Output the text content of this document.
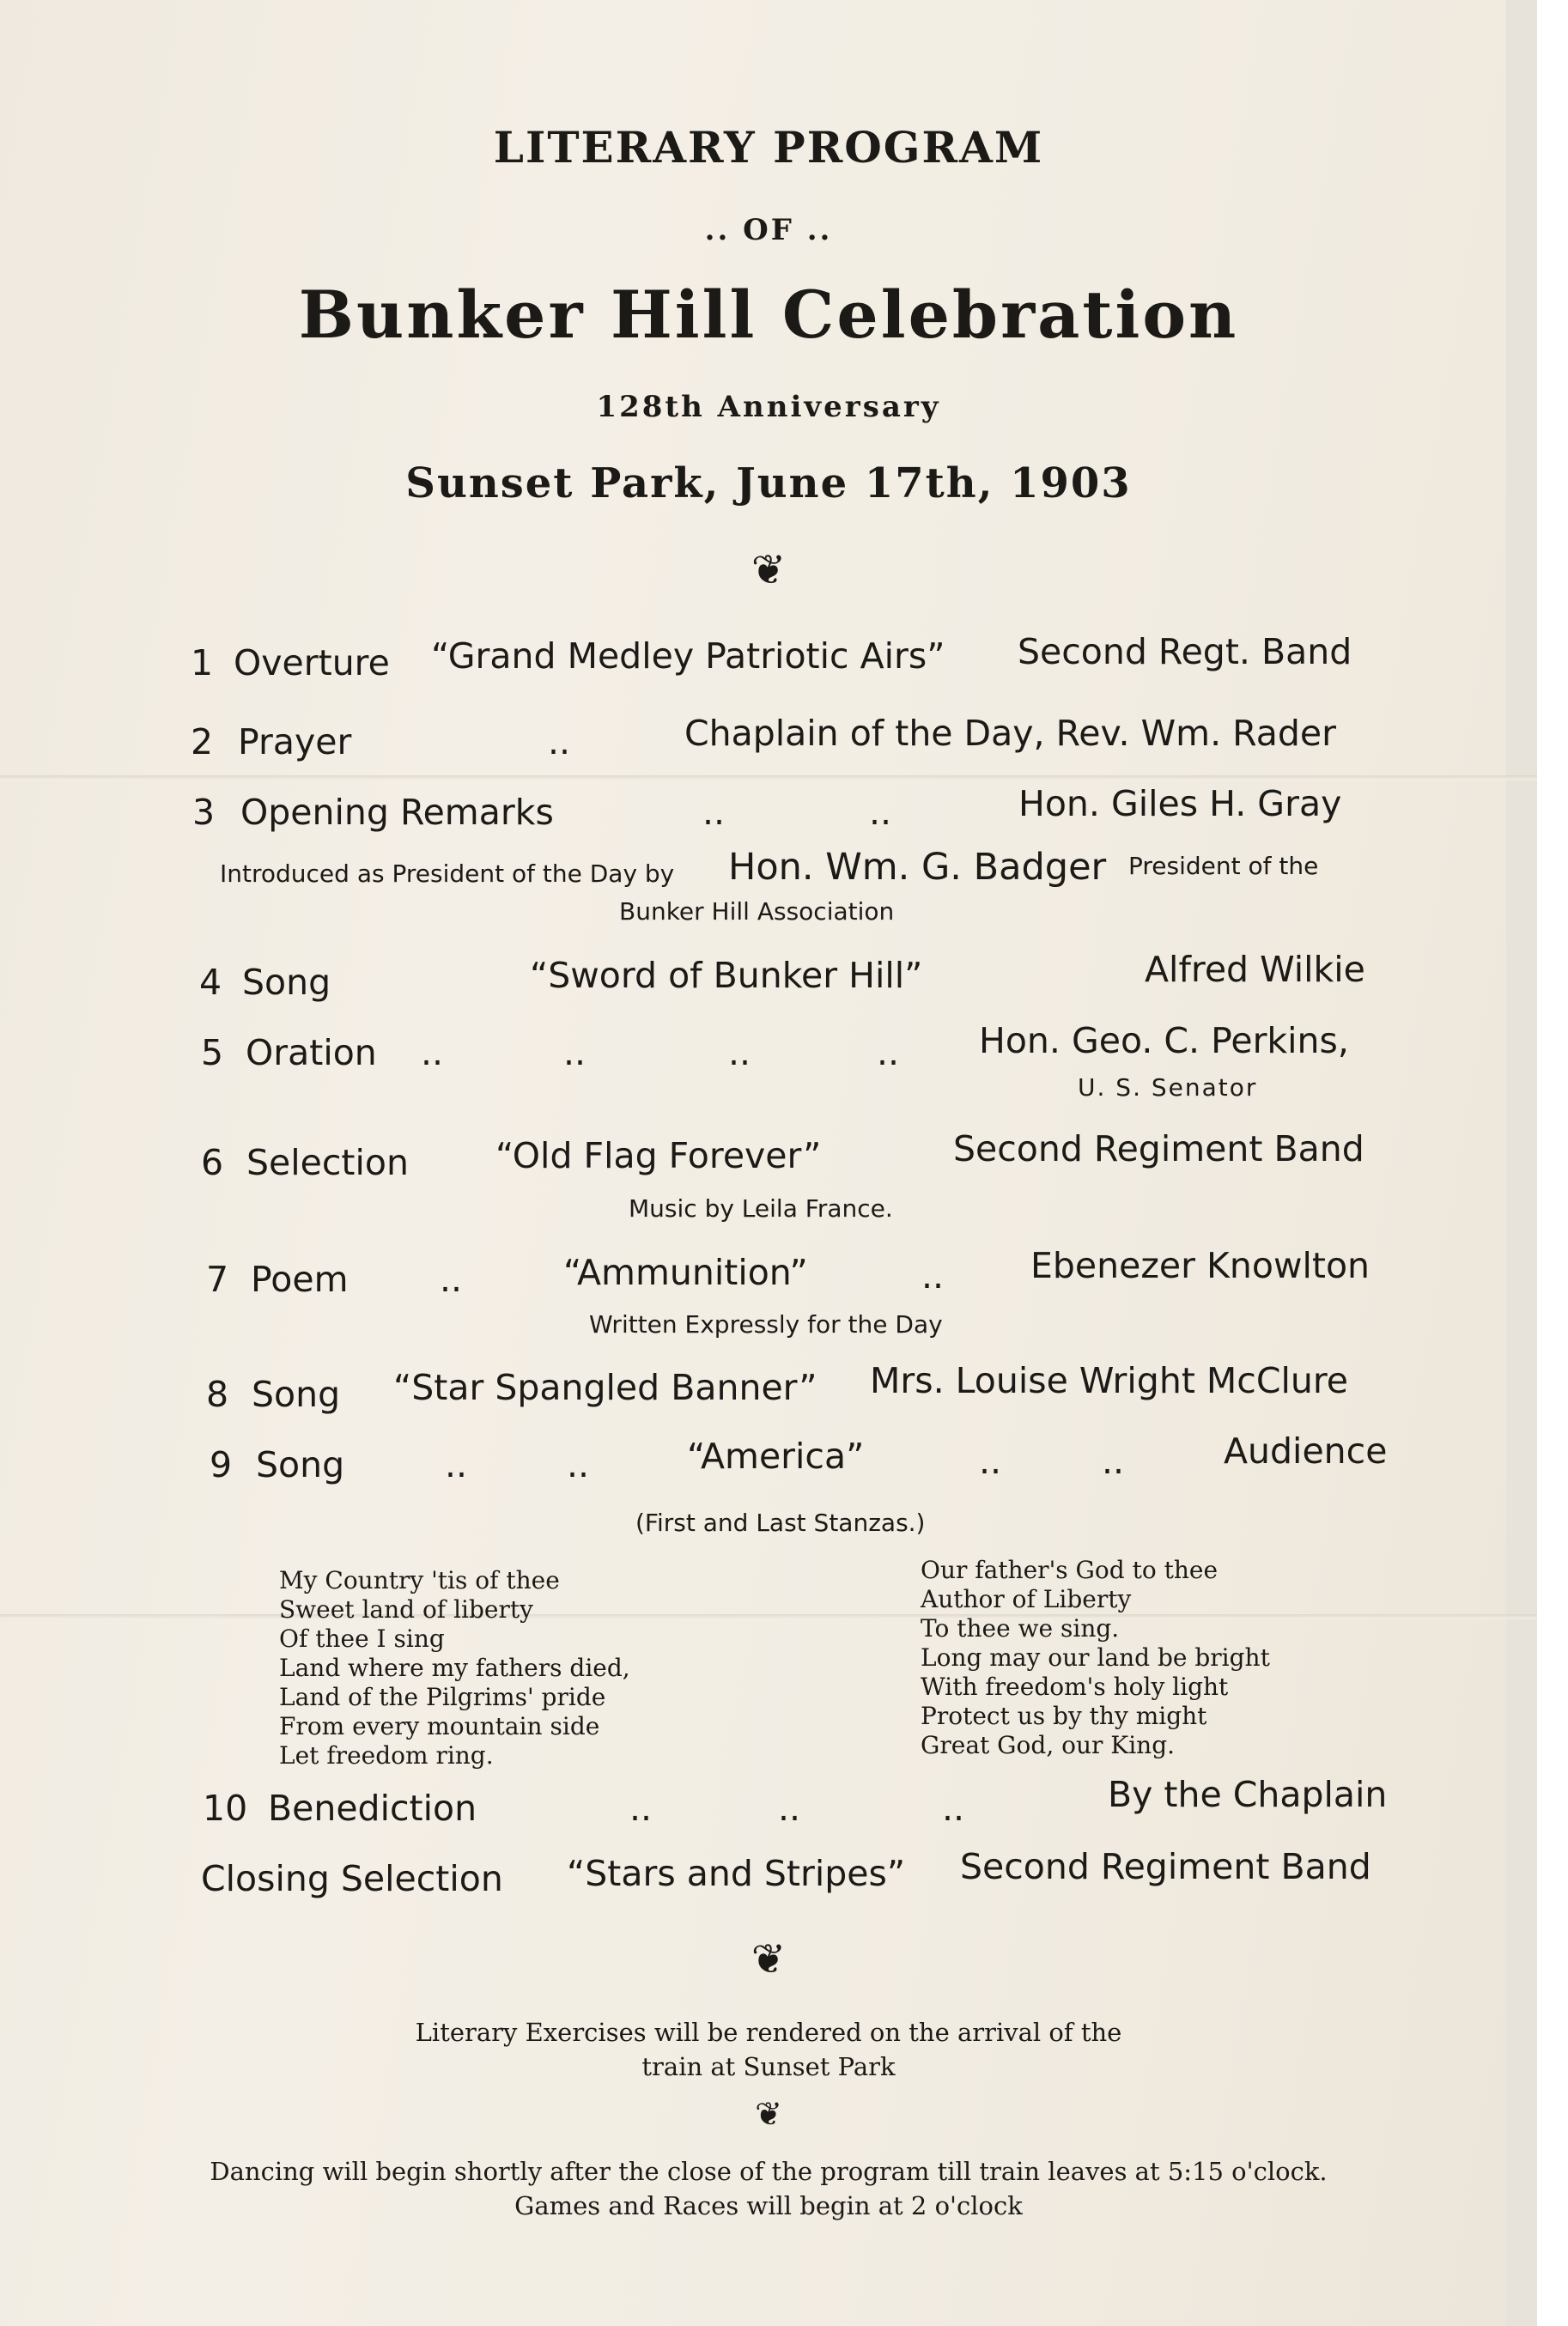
LITERARY PROGRAM
.. OF ..
Bunker Hill Celebration
128th Anniversary
Sunset Park, June 17th, 1903
❦
1 Overture “Grand Medley Patriotic Airs” Second Regt. Band
2 Prayer	..	Chaplain of the Day, Rev. Wm. Rader
3 Opening Remarks	..	..	Hon. Giles H. Gray
Introduced as President of the Day by Hon. Wm. G. Badger President of the
Bunker Hill Association
4 Song	“Sword of Bunker Hill”	Alfred Wilkie
5 Oration ..	..	..	.. Hon. Geo. C. Perkins,
U. S. Senator
6 Selection “Old Flag Forever”	Second Regiment Band
Music by Leila France.
7 Poem	..	“Ammunition”	.. Ebenezer Knowlton
Written Expressly for the Day
8 Song “Star Spangled Banner” Mrs. Louise Wright McClure
9 Song	..	..	“America”	..	..	Audience
(First and Last Stanzas.)
My Country 'tis of thee
Sweet land of liberty
Of thee I sing
Land where my fathers died,
Land of the Pilgrims' pride
From every mountain side
Let freedom ring.
Our father's God to thee
Author of Liberty
To thee we sing.
Long may our land be bright
With freedom's holy light
Protect us by thy might
Great God, our King.
10 Benediction	..	..	..	By the Chaplain
Closing Selection “Stars and Stripes” Second Regiment Band
❦
Literary Exercises will be rendered on the arrival of the
train at Sunset Park
❦
Dancing will begin shortly after the close of the program till train leaves at 5:15 o'clock.
Games and Races will begin at 2 o'clock
